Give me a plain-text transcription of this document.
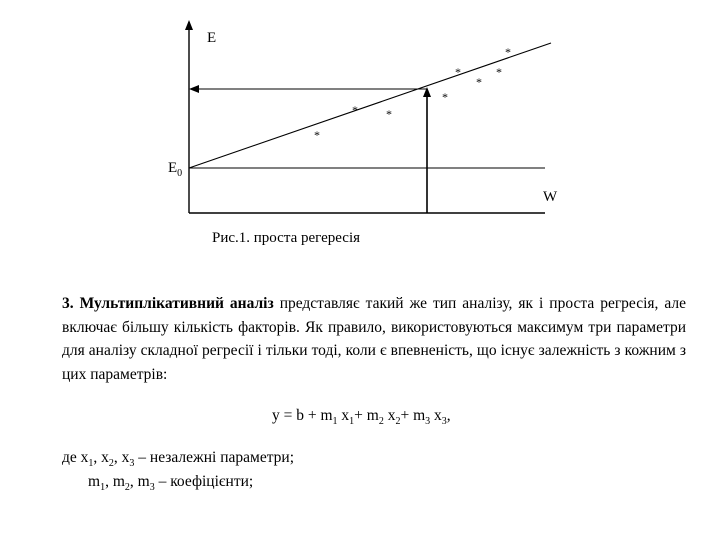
E
W
$E_0$
*
* *
*
*
*
*
*
Рис.1. проста регересія
3. Мультиплікативний аналіз представляє такий же тип аналізу, як і проста регресія, але включає більшу кількість факторів. Як правило, використовуються максимум три параметри для аналізу складної регресії і тільки тоді, коли є впевненість, що існує залежність з кожним з цих параметрів:
$y = b + m_1$ $x_1+ m_2$ $x_2+ m_3$ $x_3$,
де $x_1$, $x_2$, $x_3$ – незалежні параметри;
$m_1$, $m_2$, $m_3$ – коефіцієнти;
